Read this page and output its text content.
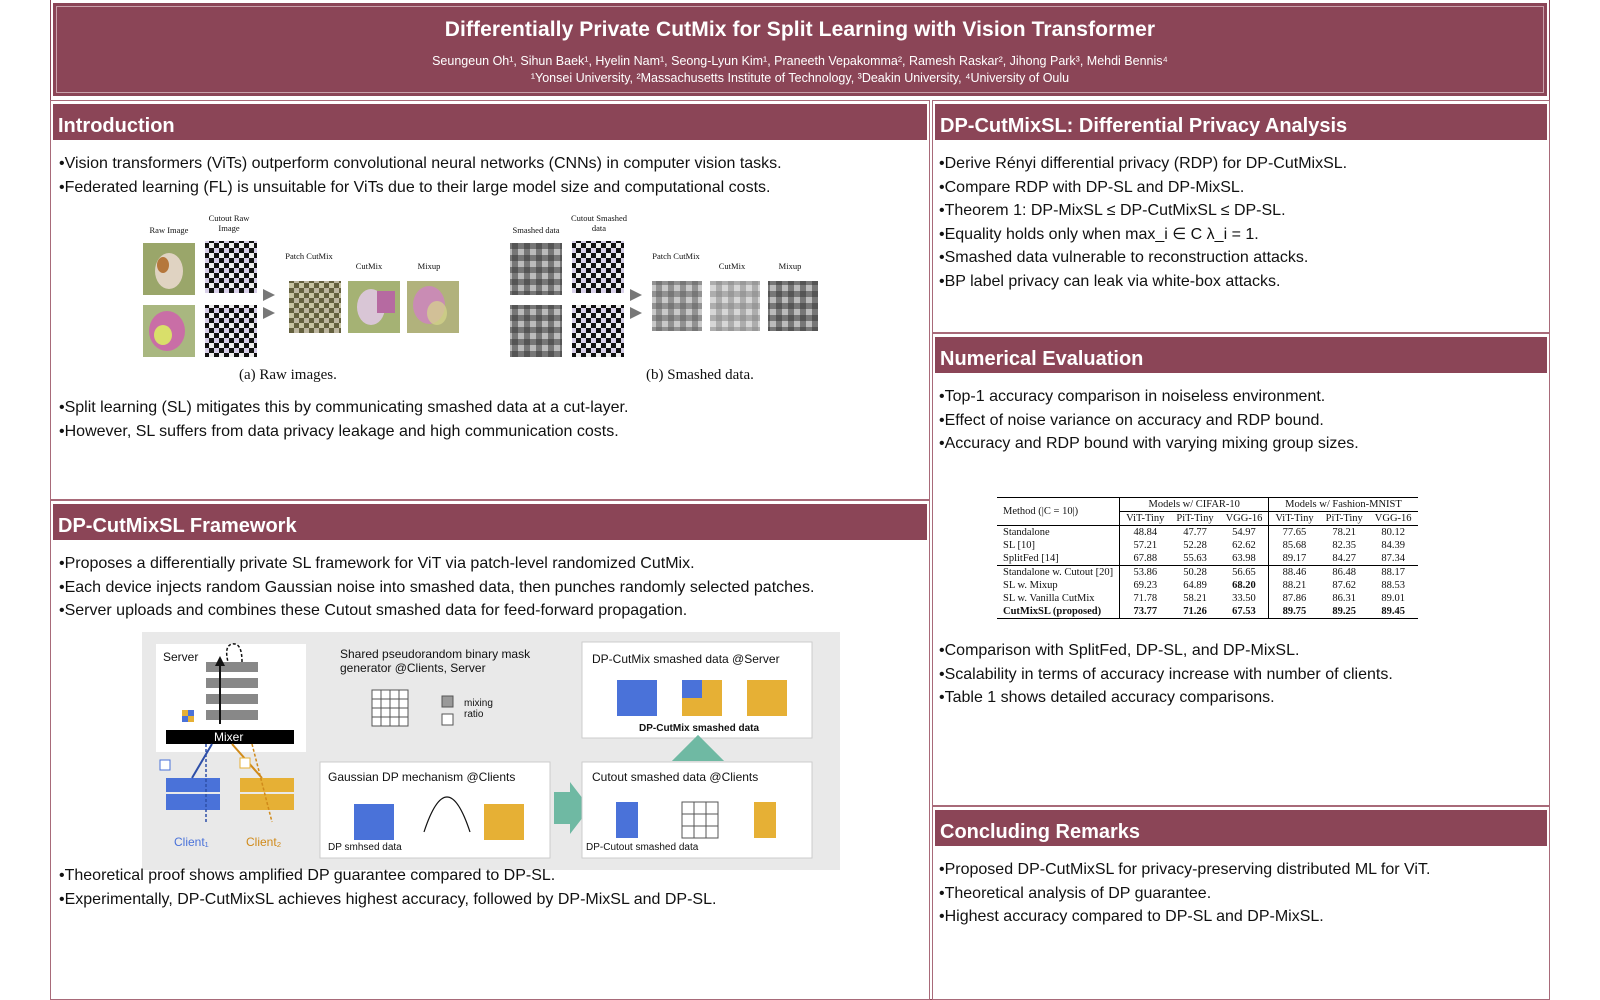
Differentially Private CutMix for Split Learning with Vision Transformer
Seungeun Oh¹, Sihun Baek¹, Hyelin Nam¹, Seong-Lyun Kim¹, Praneeth Vepakomma², Ramesh Raskar², Jihong Park³, Mehdi Bennis⁴
¹Yonsei University, ²Massachusetts Institute of Technology, ³Deakin University, ⁴University of Oulu
Introduction
• Vision transformers (ViTs) outperform convolutional neural networks (CNNs) in computer vision tasks.
• Federated learning (FL) is unsuitable for ViTs due to their large model size and computational costs.
Raw Image
Cutout Raw Image
Patch CutMix
CutMix	Mixup
(a) Raw images.
Smashed data
Cutout Smashed data
Patch CutMix
CutMix	Mixup
(b) Smashed data.
• Split learning (SL) mitigates this by communicating smashed data at a cut-layer.
• However, SL suffers from data privacy leakage and high communication costs.
DP-CutMixSL Framework
• Proposes a differentially private SL framework for ViT via patch-level randomized CutMix.
• Each device injects random Gaussian noise into smashed data, then punches randomly selected patches.
• Server uploads and combines these Cutout smashed data for feed-forward propagation.
Server
Mixer
Client₁	Client₂
Shared pseudorandom binary mask generator @Clients, Server
mixing ratio
Gaussian DP mechanism @Clients
DP smhsed data
Cutout smashed data @Clients
DP-Cutout smashed data
DP-CutMix smashed data @Server
DP-CutMix smashed data
• Theoretical proof shows amplified DP guarantee compared to DP-SL.
• Experimentally, DP-CutMixSL achieves highest accuracy, followed by DP-MixSL and DP-SL.
DP-CutMixSL: Differential Privacy Analysis
• Derive Rényi differential privacy (RDP) for DP-CutMixSL.
• Compare RDP with DP-SL and DP-MixSL.
• Theorem 1: DP-MixSL ≤ DP-CutMixSL ≤ DP-SL.
• Equality holds only when max_i ∈ C λ_i = 1.
• Smashed data vulnerable to reconstruction attacks.
• BP label privacy can leak via white-box attacks.
Numerical Evaluation
• Top-1 accuracy comparison in noiseless environment.
• Effect of noise variance on accuracy and RDP bound.
• Accuracy and RDP bound with varying mixing group sizes.
Method (|C = 10|)	Models w/ CIFAR-10			Models w/ Fashion-MNIST		
	ViT-Tiny	PiT-Tiny	VGG-16	ViT-Tiny	PiT-Tiny	VGG-16
Standalone	48.84	47.77	54.97	77.65	78.21	80.12
SL [10]	57.21	52.28	62.62	85.68	82.35	84.39
SplitFed [14]	67.88	55.63	63.98	89.17	84.27	87.34
Standalone w. Cutout [20]	53.86	50.28	56.65	88.46	86.48	88.17
SL w. Mixup	69.23	64.89	68.20	88.21	87.62	88.53
SL w. Vanilla CutMix	71.78	58.21	33.50	87.86	86.31	89.01
CutMixSL (proposed)	73.77	71.26	67.53	89.75	89.25	89.45
• Comparison with SplitFed, DP-SL, and DP-MixSL.
• Scalability in terms of accuracy increase with number of clients.
• Table 1 shows detailed accuracy comparisons.
Concluding Remarks
• Proposed DP-CutMixSL for privacy-preserving distributed ML for ViT.
• Theoretical analysis of DP guarantee.
• Highest accuracy compared to DP-SL and DP-MixSL.
